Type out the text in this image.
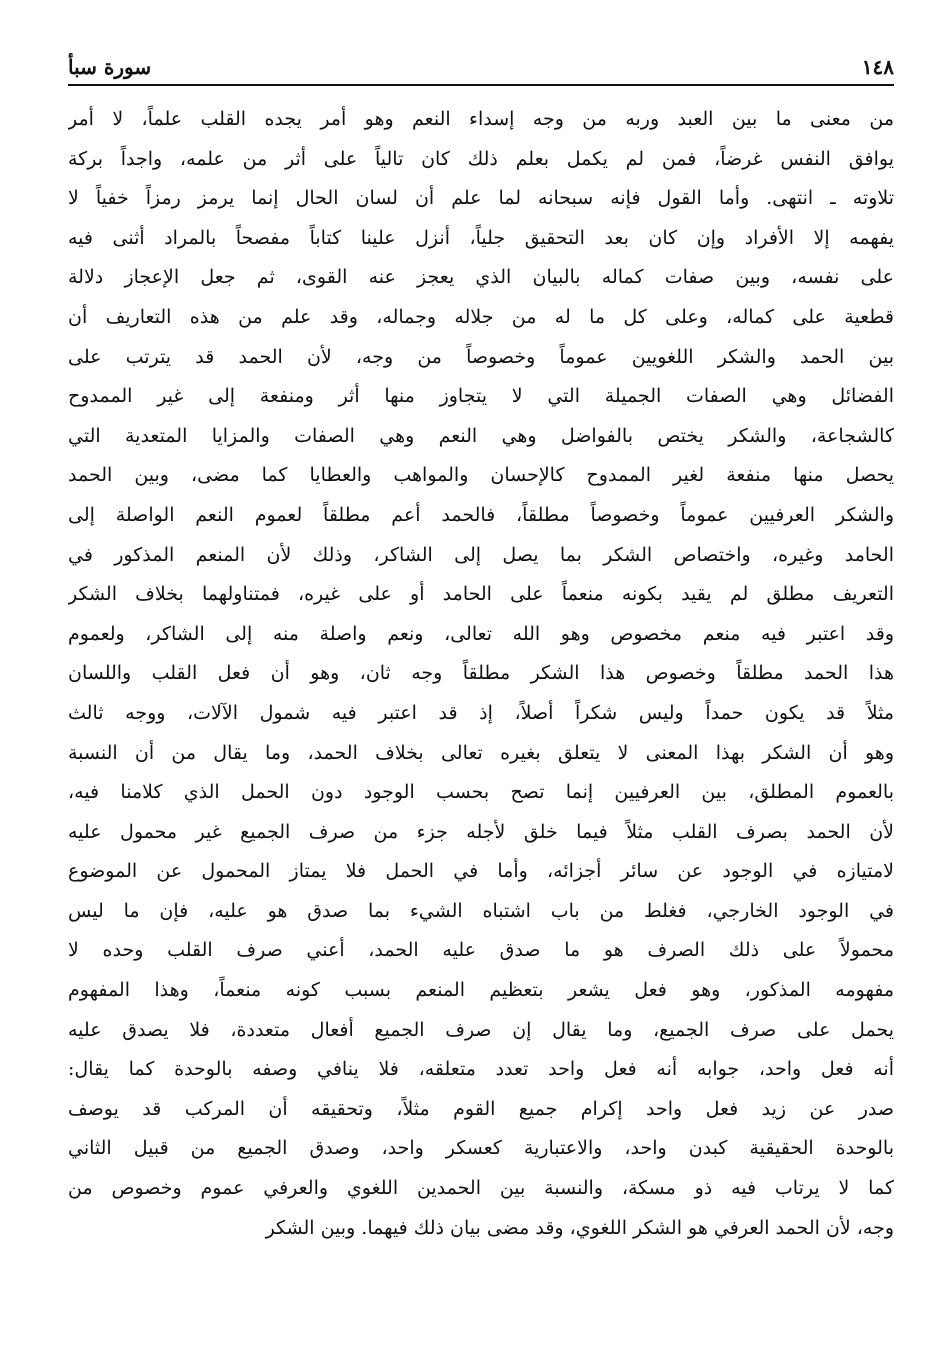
١٤٨
سورة سبأ
من معنى ما بين العبد وربه من وجه إسداء النعم وهو أمر يجده القلب علماً، لا أمر
يوافق النفس غرضاً، فمن لم يكمل بعلم ذلك كان تالياً على أثر من علمه، واجداً بركة
تلاوته ـ انتهى. وأما القول فإنه سبحانه لما علم أن لسان الحال إنما يرمز رمزاً خفياً لا
يفهمه إلا الأفراد وإن كان بعد التحقيق جلياً، أنزل علينا كتاباً مفصحاً بالمراد أثنى فيه
على نفسه، وبين صفات كماله بالبيان الذي يعجز عنه القوى، ثم جعل الإعجاز دلالة
قطعية على كماله، وعلى كل ما له من جلاله وجماله، وقد علم من هذه التعاريف أن
بين الحمد والشكر اللغويين عموماً وخصوصاً من وجه، لأن الحمد قد يترتب على
الفضائل وهي الصفات الجميلة التي لا يتجاوز منها أثر ومنفعة إلى غير الممدوح
كالشجاعة، والشكر يختص بالفواضل وهي النعم وهي الصفات والمزايا المتعدية التي
يحصل منها منفعة لغير الممدوح كالإحسان والمواهب والعطايا كما مضى، وبين الحمد
والشكر العرفيين عموماً وخصوصاً مطلقاً، فالحمد أعم مطلقاً لعموم النعم الواصلة إلى
الحامد وغيره، واختصاص الشكر بما يصل إلى الشاكر، وذلك لأن المنعم المذكور في
التعريف مطلق لم يقيد بكونه منعماً على الحامد أو على غيره، فمتناولهما بخلاف الشكر
وقد اعتبر فيه منعم مخصوص وهو الله تعالى، ونعم واصلة منه إلى الشاكر، ولعموم
هذا الحمد مطلقاً وخصوص هذا الشكر مطلقاً وجه ثان، وهو أن فعل القلب واللسان
مثلاً قد يكون حمداً وليس شكراً أصلاً، إذ قد اعتبر فيه شمول الآلات، ووجه ثالث
وهو أن الشكر بهذا المعنى لا يتعلق بغيره تعالى بخلاف الحمد، وما يقال من أن النسبة
بالعموم المطلق، بين العرفيين إنما تصح بحسب الوجود دون الحمل الذي كلامنا فيه،
لأن الحمد بصرف القلب مثلاً فيما خلق لأجله جزء من صرف الجميع غير محمول عليه
لامتيازه في الوجود عن سائر أجزائه، وأما في الحمل فلا يمتاز المحمول عن الموضوع
في الوجود الخارجي، فغلط من باب اشتباه الشيء بما صدق هو عليه، فإن ما ليس
محمولاً على ذلك الصرف هو ما صدق عليه الحمد، أعني صرف القلب وحده لا
مفهومه المذكور، وهو فعل يشعر بتعظيم المنعم بسبب كونه منعماً، وهذا المفهوم
يحمل على صرف الجميع، وما يقال إن صرف الجميع أفعال متعددة، فلا يصدق عليه
أنه فعل واحد، جوابه أنه فعل واحد تعدد متعلقه، فلا ينافي وصفه بالوحدة كما يقال:
صدر عن زيد فعل واحد إكرام جميع القوم مثلاً، وتحقيقه أن المركب قد يوصف
بالوحدة الحقيقية كبدن واحد، والاعتبارية كعسكر واحد، وصدق الجميع من قبيل الثاني
كما لا يرتاب فيه ذو مسكة، والنسبة بين الحمدين اللغوي والعرفي عموم وخصوص من
وجه، لأن الحمد العرفي هو الشكر اللغوي، وقد مضى بيان ذلك فيهما. وبين الشكر
